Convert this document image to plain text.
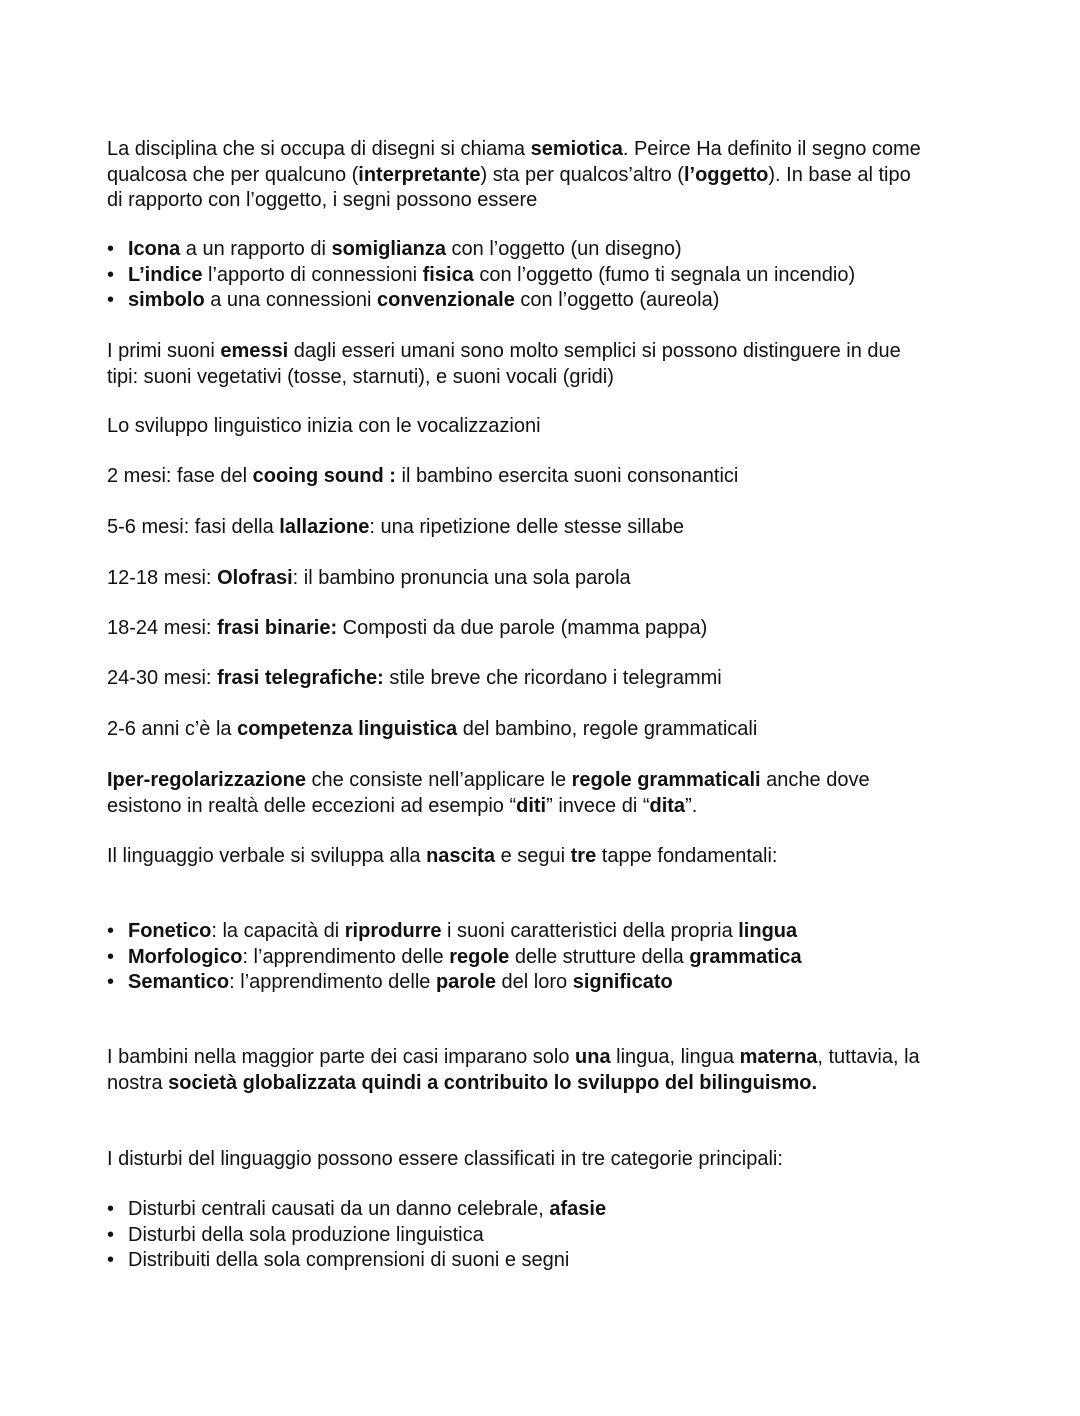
La disciplina che si occupa di disegni si chiama semiotica. Peirce Ha definito il segno come
qualcosa che per qualcuno (interpretante) sta per qualcos’altro (l’oggetto). In base al tipo
di rapporto con l’oggetto, i segni possono essere
• Icona a un rapporto di somiglianza con l’oggetto (un disegno)
• L’indice l’apporto di connessioni fisica con l’oggetto (fumo ti segnala un incendio)
• simbolo a una connessioni convenzionale con l’oggetto (aureola)
I primi suoni emessi dagli esseri umani sono molto semplici si possono distinguere in due
tipi: suoni vegetativi (tosse, starnuti), e suoni vocali (gridi)
Lo sviluppo linguistico inizia con le vocalizzazioni
2 mesi: fase del cooing sound : il bambino esercita suoni consonantici
5-6 mesi: fasi della lallazione: una ripetizione delle stesse sillabe
12-18 mesi: Olofrasi: il bambino pronuncia una sola parola
18-24 mesi: frasi binarie: Composti da due parole (mamma pappa)
24-30 mesi: frasi telegrafiche: stile breve che ricordano i telegrammi
2-6 anni c’è la competenza linguistica del bambino, regole grammaticali
Iper-regolarizzazione che consiste nell’applicare le regole grammaticali anche dove
esistono in realtà delle eccezioni ad esempio “diti” invece di “dita”.
Il linguaggio verbale si sviluppa alla nascita e segui tre tappe fondamentali:
• Fonetico: la capacità di riprodurre i suoni caratteristici della propria lingua
• Morfologico: l’apprendimento delle regole delle strutture della grammatica
• Semantico: l’apprendimento delle parole del loro significato
I bambini nella maggior parte dei casi imparano solo una lingua, lingua materna, tuttavia, la
nostra società globalizzata quindi a contribuito lo sviluppo del bilinguismo.
I disturbi del linguaggio possono essere classificati in tre categorie principali:
• Disturbi centrali causati da un danno celebrale, afasie
• Disturbi della sola produzione linguistica
• Distribuiti della sola comprensioni di suoni e segni
